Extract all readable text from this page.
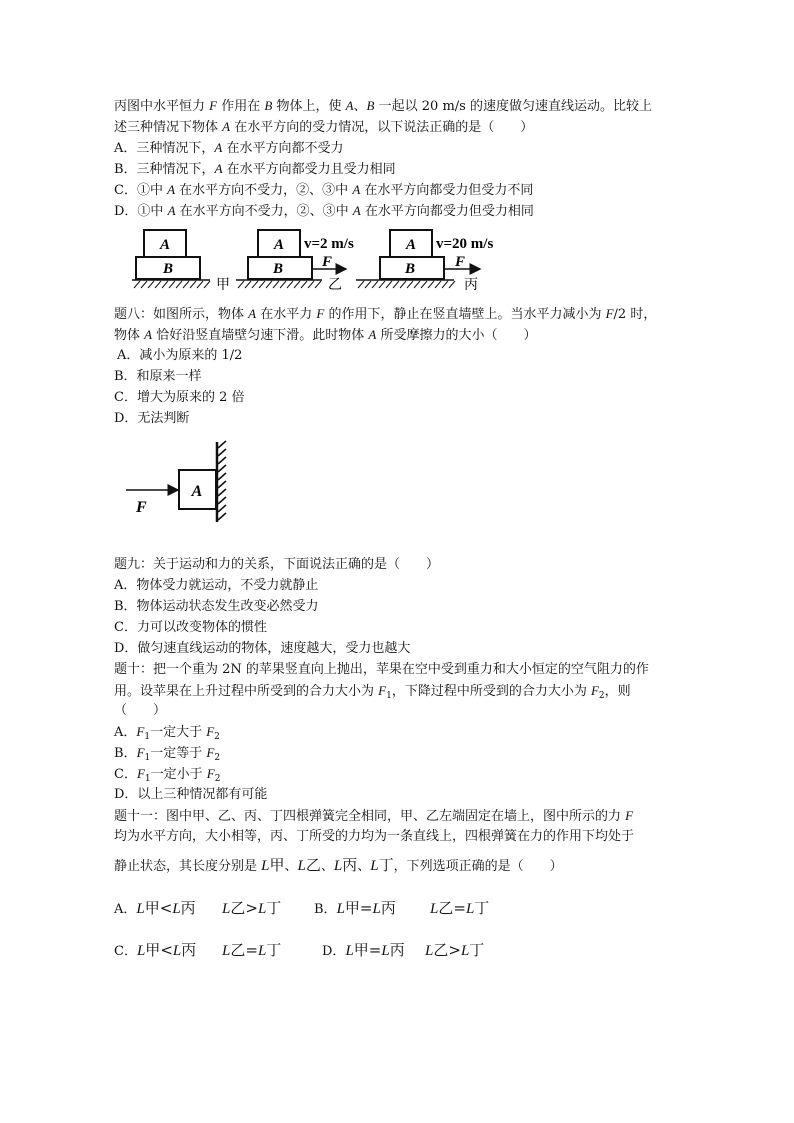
丙图中水平恒力 F 作用在 B 物体上，使 A、B 一起以 20 m/s 的速度做匀速直线运动。比较上
述三种情况下物体 A 在水平方向的受力情况，以下说法正确的是（　　）
A．三种情况下，A 在水平方向都不受力
B．三种情况下，A 在水平方向都受力且受力相同
C．①中 A 在水平方向不受力，②、③中 A 在水平方向都受力但受力不同
D．①中 A 在水平方向不受力，②、③中 A 在水平方向都受力但受力相同
A
B
甲
A v=2 m/s
B	F
乙
A v=20 m/s
B	F
丙
题八：如图所示，物体 A 在水平力 F 的作用下，静止在竖直墙壁上。当水平力减小为 F/2 时，
物体 A 恰好沿竖直墙壁匀速下滑。此时物体 A 所受摩擦力的大小（　　）
A．减小为原来的 1/2
B．和原来一样
C．增大为原来的 2 倍
D．无法判断
F
A
题九：关于运动和力的关系，下面说法正确的是（　　）
A．物体受力就运动，不受力就静止
B．物体运动状态发生改变必然受力
C．力可以改变物体的惯性
D．做匀速直线运动的物体，速度越大，受力也越大
题十：把一个重为 2N 的苹果竖直向上抛出，苹果在空中受到重力和大小恒定的空气阻力的作
用。设苹果在上升过程中所受到的合力大小为 $F_1$，下降过程中所受到的合力大小为 $F_2$，则
（　　）
A．$F_1$一定大于 $F_2$
B．$F_1$一定等于 $F_2$
C．$F_1$一定小于 $F_2$
D．以上三种情况都有可能
题十一：图中甲、乙、丙、丁四根弹簧完全相同，甲、乙左端固定在墙上，图中所示的力 F
均为水平方向，大小相等，丙、丁所受的力均为一条直线上，四根弹簧在力的作用下均处于
静止状态，其长度分别是 L甲、L乙、L丙、L丁，下列选项正确的是（　　）
A．L甲<L丙 L乙>L丁	B．L甲=L丙 L乙=L丁
C．L甲<L丙 L乙=L丁	D．L甲=L丙 L乙>L丁
